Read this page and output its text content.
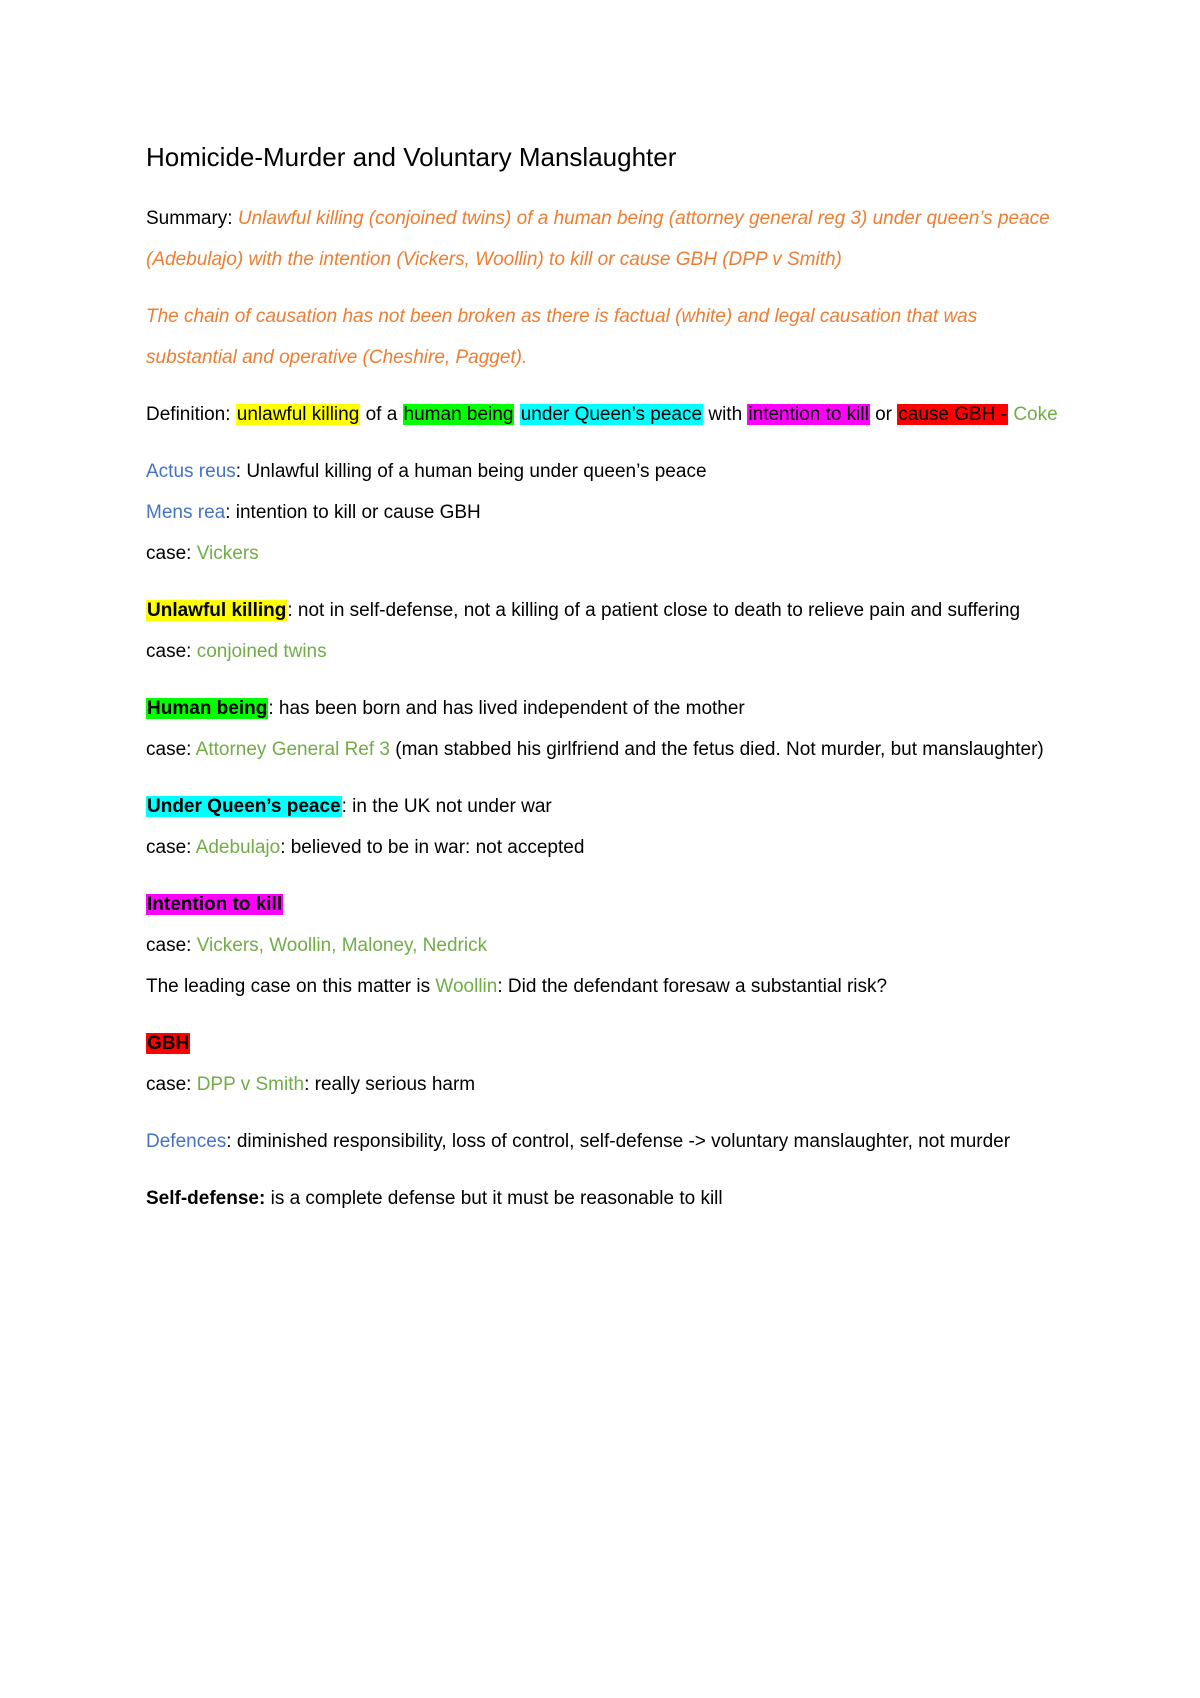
Homicide-Murder and Voluntary Manslaughter

Summary: Unlawful killing (conjoined twins) of a human being (attorney general reg 3) under queen’s peace (Adebulajo) with the intention (Vickers, Woollin) to kill or cause GBH (DPP v Smith)

The chain of causation has not been broken as there is factual (white) and legal causation that was substantial and operative (Cheshire, Pagget).

Definition: unlawful killing of a human being under Queen’s peace with intention to kill or cause GBH - Coke

Actus reus: Unlawful killing of a human being under queen’s peace

Mens rea: intention to kill or cause GBH

case: Vickers

Unlawful killing: not in self-defense, not a killing of a patient close to death to relieve pain and suffering

case: conjoined twins

Human being: has been born and has lived independent of the mother

case: Attorney General Ref 3 (man stabbed his girlfriend and the fetus died. Not murder, but manslaughter)

Under Queen’s peace: in the UK not under war

case: Adebulajo: believed to be in war: not accepted

Intention to kill

case: Vickers, Woollin, Maloney, Nedrick

The leading case on this matter is Woollin: Did the defendant foresaw a substantial risk?

GBH

case: DPP v Smith: really serious harm

Defences: diminished responsibility, loss of control, self-defense -> voluntary manslaughter, not murder

Self-defense: is a complete defense but it must be reasonable to kill
